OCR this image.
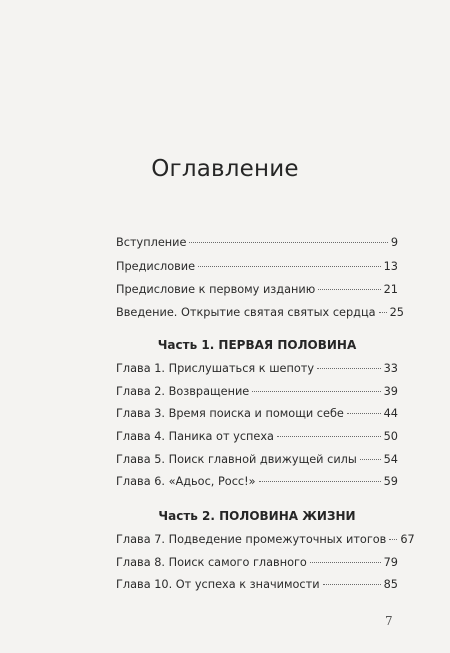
Оглавление
Вступление	9
Предисловие	13
Предисловие к первому изданию	21
Введение. Открытие святая святых сердца 25
Часть 1. ПЕРВАЯ ПОЛОВИНА
Глава 1. Прислушаться к шепоту	33
Глава 2. Возвращение	39
Глава 3. Время поиска и помощи себе	44
Глава 4. Паника от успеха	50
Глава 5. Поиск главной движущей силы 54
Глава 6. «Адьос, Росс!»	59
Часть 2. ПОЛОВИНА ЖИЗНИ
Глава 7. Подведение промежуточных итогов 67
Глава 8. Поиск самого главного	79
Глава 10. От успеха к значимости	85
7
